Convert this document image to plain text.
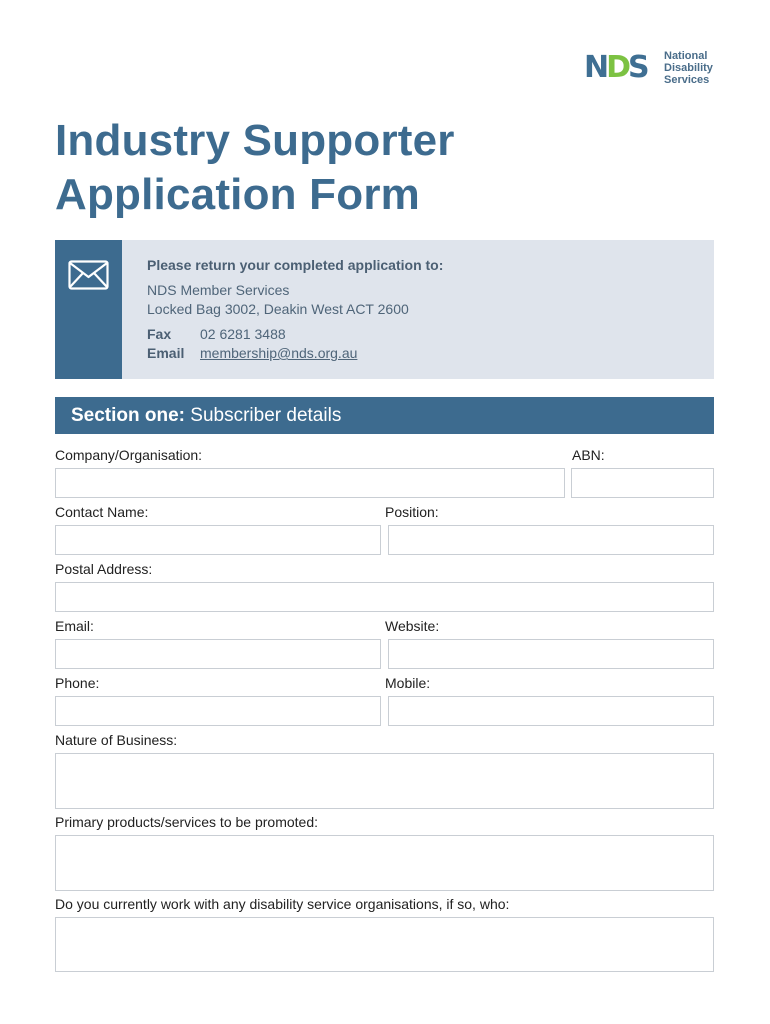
NDS National
Disability
Services
Industry Supporter
Application Form
Please return your completed application to:
NDS Member Services
Locked Bag 3002, Deakin West ACT 2600
Fax 02 6281 3488
Email membership@nds.org.au
Section one: Subscriber details
Company/Organisation:	ABN:
Contact Name:	Position:
Postal Address:
Email:	Website:
Phone:	Mobile:
Nature of Business:
Primary products/services to be promoted:
Do you currently work with any disability service organisations, if so, who:
